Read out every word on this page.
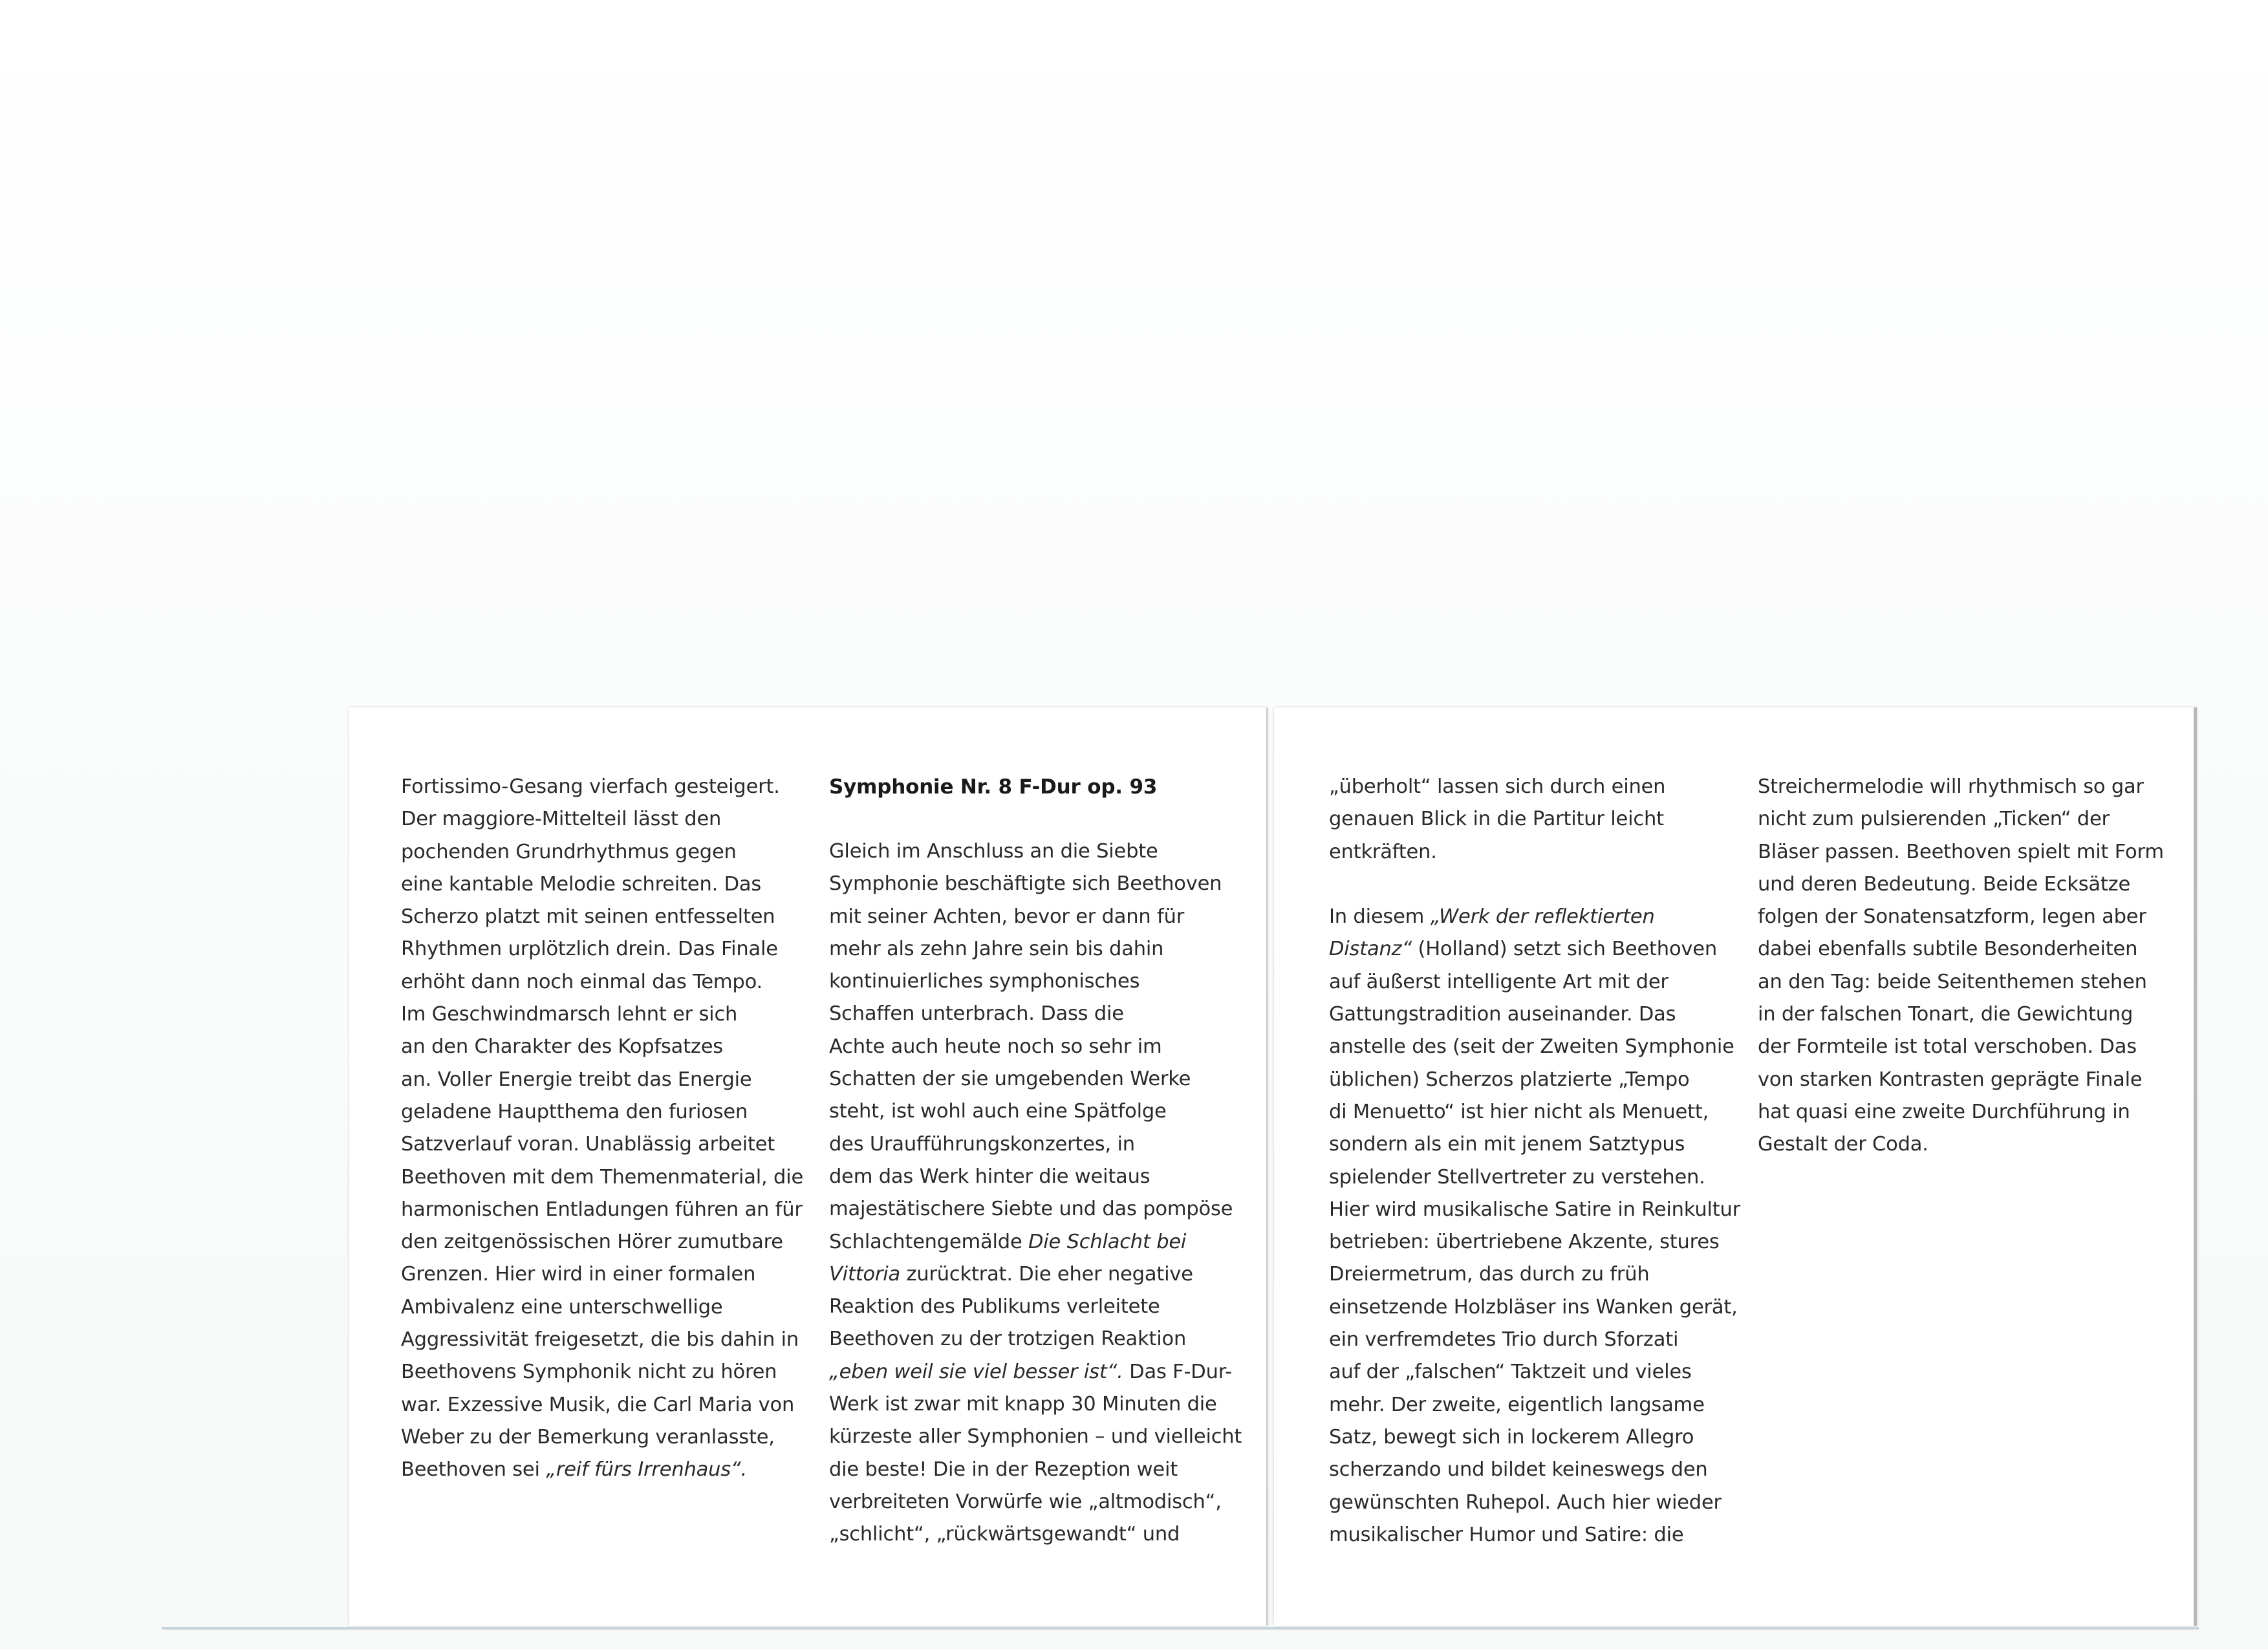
Fortissimo-Gesang vierfach gesteigert.
Der maggiore-Mittelteil lässt den
pochenden Grundrhythmus gegen
eine kantable Melodie schreiten. Das
Scherzo platzt mit seinen entfesselten
Rhythmen urplötzlich drein. Das Finale
erhöht dann noch einmal das Tempo.
Im Geschwindmarsch lehnt er sich
an den Charakter des Kopfsatzes
an. Voller Energie treibt das Energie
geladene Hauptthema den furiosen
Satzverlauf voran. Unablässig arbeitet
Beethoven mit dem Themenmaterial, die
harmonischen Entladungen führen an für
den zeitgenössischen Hörer zumutbare
Grenzen. Hier wird in einer formalen
Ambivalenz eine unterschwellige
Aggressivität freigesetzt, die bis dahin in
Beethovens Symphonik nicht zu hören
war. Exzessive Musik, die Carl Maria von
Weber zu der Bemerkung veranlasste,
Beethoven sei „reif fürs Irrenhaus“.
Symphonie Nr. 8 F-Dur op. 93
Gleich im Anschluss an die Siebte
Symphonie beschäftigte sich Beethoven
mit seiner Achten, bevor er dann für
mehr als zehn Jahre sein bis dahin
kontinuierliches symphonisches
Schaffen unterbrach. Dass die
Achte auch heute noch so sehr im
Schatten der sie umgebenden Werke
steht, ist wohl auch eine Spätfolge
des Uraufführungskonzertes, in
dem das Werk hinter die weitaus
majestätischere Siebte und das pompöse
Schlachtengemälde Die Schlacht bei
Vittoria zurücktrat. Die eher negative
Reaktion des Publikums verleitete
Beethoven zu der trotzigen Reaktion
„eben weil sie viel besser ist“. Das F-Dur-
Werk ist zwar mit knapp 30 Minuten die
kürzeste aller Symphonien – und vielleicht
die beste! Die in der Rezeption weit
verbreiteten Vorwürfe wie „altmodisch“,
„schlicht“, „rückwärtsgewandt“ und
„überholt“ lassen sich durch einen
genauen Blick in die Partitur leicht
entkräften.
In diesem „Werk der reflektierten
Distanz“ (Holland) setzt sich Beethoven
auf äußerst intelligente Art mit der
Gattungstradition auseinander. Das
anstelle des (seit der Zweiten Symphonie
üblichen) Scherzos platzierte „Tempo
di Menuetto“ ist hier nicht als Menuett,
sondern als ein mit jenem Satztypus
spielender Stellvertreter zu verstehen.
Hier wird musikalische Satire in Reinkultur
betrieben: übertriebene Akzente, stures
Dreiermetrum, das durch zu früh
einsetzende Holzbläser ins Wanken gerät,
ein verfremdetes Trio durch Sforzati
auf der „falschen“ Taktzeit und vieles
mehr. Der zweite, eigentlich langsame
Satz, bewegt sich in lockerem Allegro
scherzando und bildet keineswegs den
gewünschten Ruhepol. Auch hier wieder
musikalischer Humor und Satire: die
Streichermelodie will rhythmisch so gar
nicht zum pulsierenden „Ticken“ der
Bläser passen. Beethoven spielt mit Form
und deren Bedeutung. Beide Ecksätze
folgen der Sonatensatzform, legen aber
dabei ebenfalls subtile Besonderheiten
an den Tag: beide Seitenthemen stehen
in der falschen Tonart, die Gewichtung
der Formteile ist total verschoben. Das
von starken Kontrasten geprägte Finale
hat quasi eine zweite Durchführung in
Gestalt der Coda.
